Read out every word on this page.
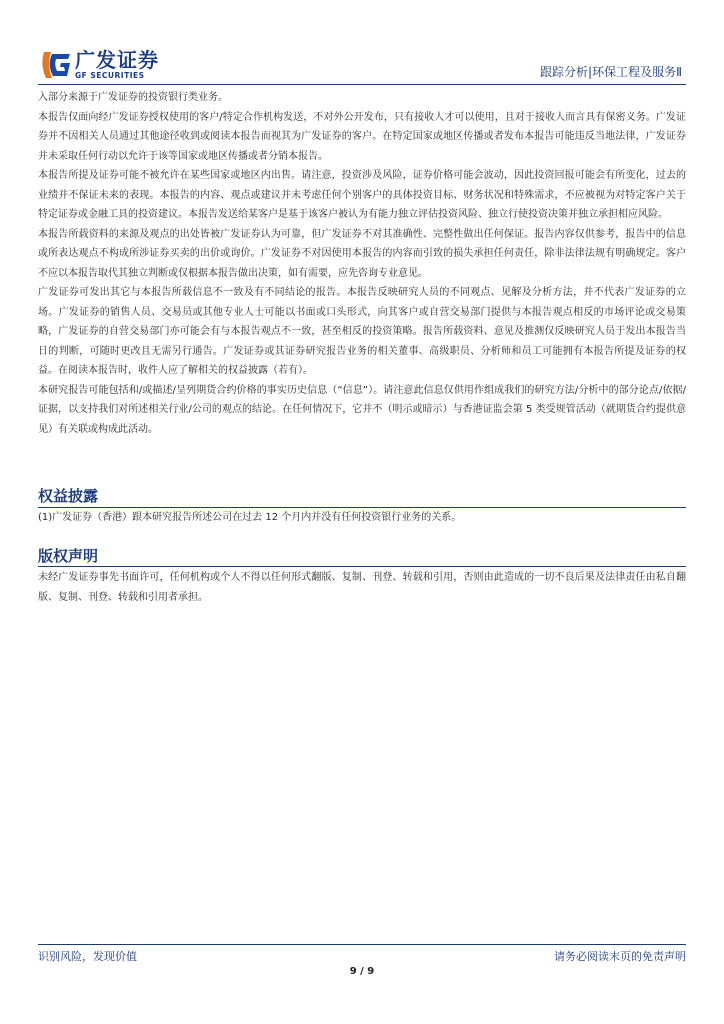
广发证券
GF SECURITIES	跟踪分析|环保工程及服务Ⅱ

入部分来源于广发证券的投资银行类业务。

本报告仅面向经广发证券授权使用的客户/特定合作机构发送，不对外公开发布，只有接收人才可以使用，且对于接收人而言具有保密义务。广发证券并不因相关人员通过其他途径收到或阅读本报告而视其为广发证券的客户。在特定国家或地区传播或者发布本报告可能违反当地法律，广发证券并未采取任何行动以允许于该等国家或地区传播或者分销本报告。

本报告所提及证券可能不被允许在某些国家或地区内出售。请注意，投资涉及风险，证券价格可能会波动，因此投资回报可能会有所变化，过去的业绩并不保证未来的表现。本报告的内容、观点或建议并未考虑任何个别客户的具体投资目标、财务状况和特殊需求，不应被视为对特定客户关于特定证券或金融工具的投资建议。本报告发送给某客户是基于该客户被认为有能力独立评估投资风险、独立行使投资决策并独立承担相应风险。

本报告所载资料的来源及观点的出处皆被广发证券认为可靠，但广发证券不对其准确性、完整性做出任何保证。报告内容仅供参考，报告中的信息或所表达观点不构成所涉证券买卖的出价或询价。广发证券不对因使用本报告的内容而引致的损失承担任何责任，除非法律法规有明确规定。客户不应以本报告取代其独立判断或仅根据本报告做出决策，如有需要，应先咨询专业意见。

广发证券可发出其它与本报告所载信息不一致及有不同结论的报告。本报告反映研究人员的不同观点、见解及分析方法，并不代表广发证券的立场。广发证券的销售人员、交易员或其他专业人士可能以书面或口头形式，向其客户或自营交易部门提供与本报告观点相反的市场评论或交易策略，广发证券的自营交易部门亦可能会有与本报告观点不一致，甚至相反的投资策略。报告所载资料、意见及推测仅反映研究人员于发出本报告当日的判断，可随时更改且无需另行通告。广发证券或其证券研究报告业务的相关董事、高级职员、分析师和员工可能拥有本报告所提及证券的权益。在阅读本报告时，收件人应了解相关的权益披露（若有）。

本研究报告可能包括和/或描述/呈列期货合约价格的事实历史信息（“信息”）。请注意此信息仅供用作组成我们的研究方法/分析中的部分论点/依据/证据，以支持我们对所述相关行业/公司的观点的结论。在任何情况下，它并不（明示或暗示）与香港证监会第 5 类受规管活动（就期货合约提供意见）有关联或构成此活动。

权益披露

(1)广发证券（香港）跟本研究报告所述公司在过去 12 个月内并没有任何投资银行业务的关系。

版权声明

未经广发证券事先书面许可，任何机构或个人不得以任何形式翻版、复制、刊登、转载和引用，否则由此造成的一切不良后果及法律责任由私自翻版、复制、刊登、转载和引用者承担。

识别风险，发现价值	请务必阅读末页的免责声明
9 / 9
